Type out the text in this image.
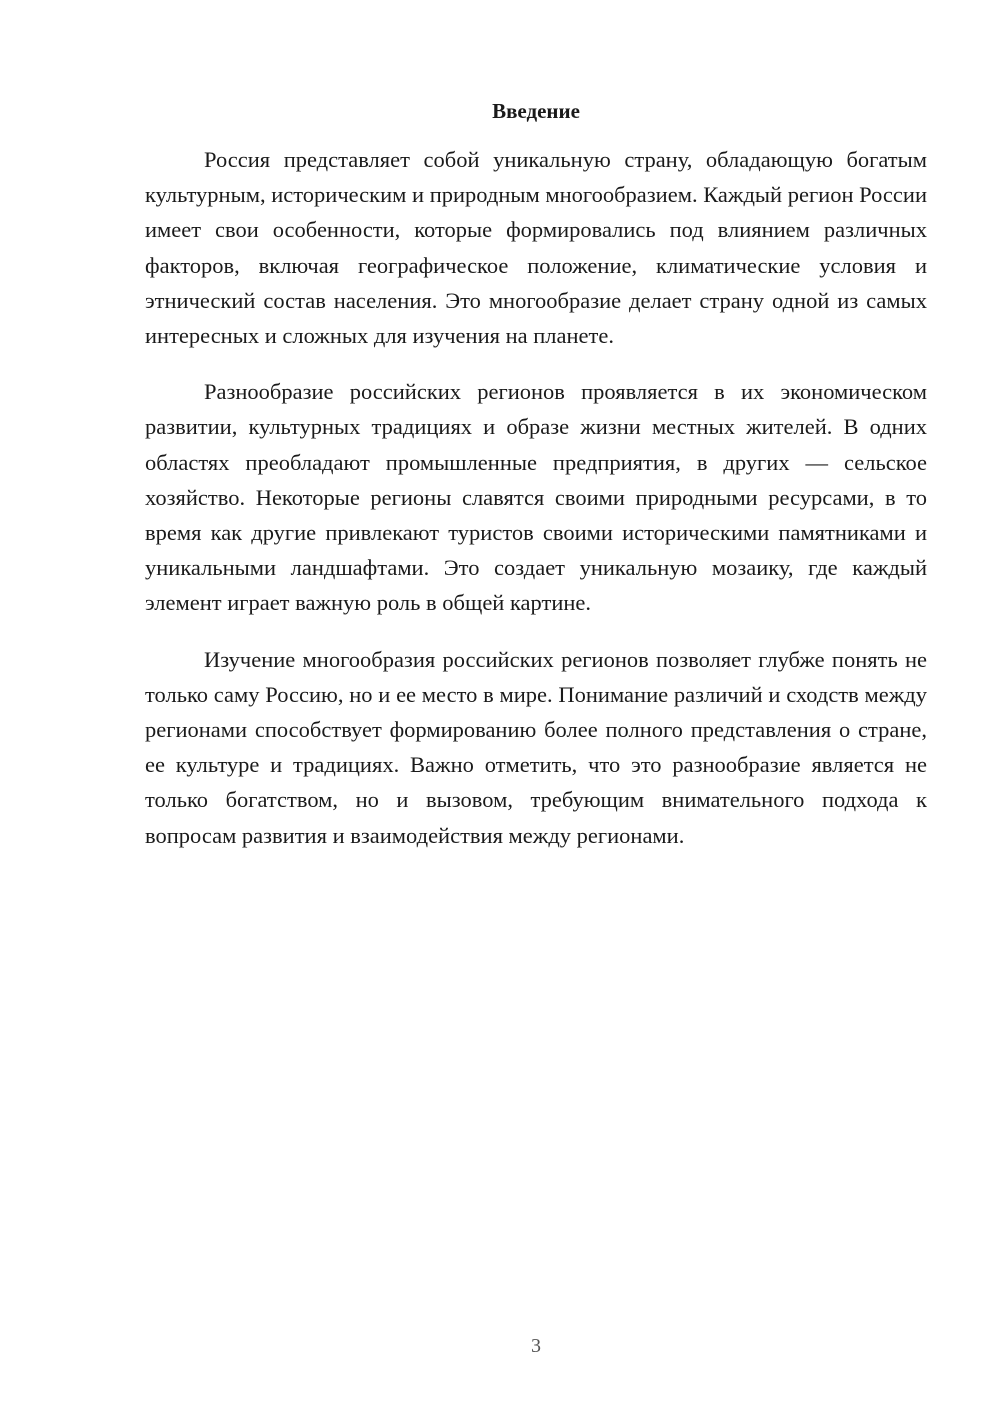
Введение

Россия представляет собой уникальную страну, обладающую богатым культурным, историческим и природным многообразием. Каждый регион России имеет свои особенности, которые формировались под влиянием различных факторов, включая географическое положение, климатические условия и этнический состав населения. Это многообразие делает страну одной из самых интересных и сложных для изучения на планете.

Разнообразие российских регионов проявляется в их экономическом развитии, культурных традициях и образе жизни местных жителей. В одних областях преобладают промышленные предприятия, в других — сельское хозяйство. Некоторые регионы славятся своими природными ресурсами, в то время как другие привлекают туристов своими историческими памятниками и уникальными ландшафтами. Это создает уникальную мозаику, где каждый элемент играет важную роль в общей картине.

Изучение многообразия российских регионов позволяет глубже понять не только саму Россию, но и ее место в мире. Понимание различий и сходств между регионами способствует формированию более полного представления о стране, ее культуре и традициях. Важно отметить, что это разнообразие является не только богатством, но и вызовом, требующим внимательного подхода к вопросам развития и взаимодействия между регионами.

3
